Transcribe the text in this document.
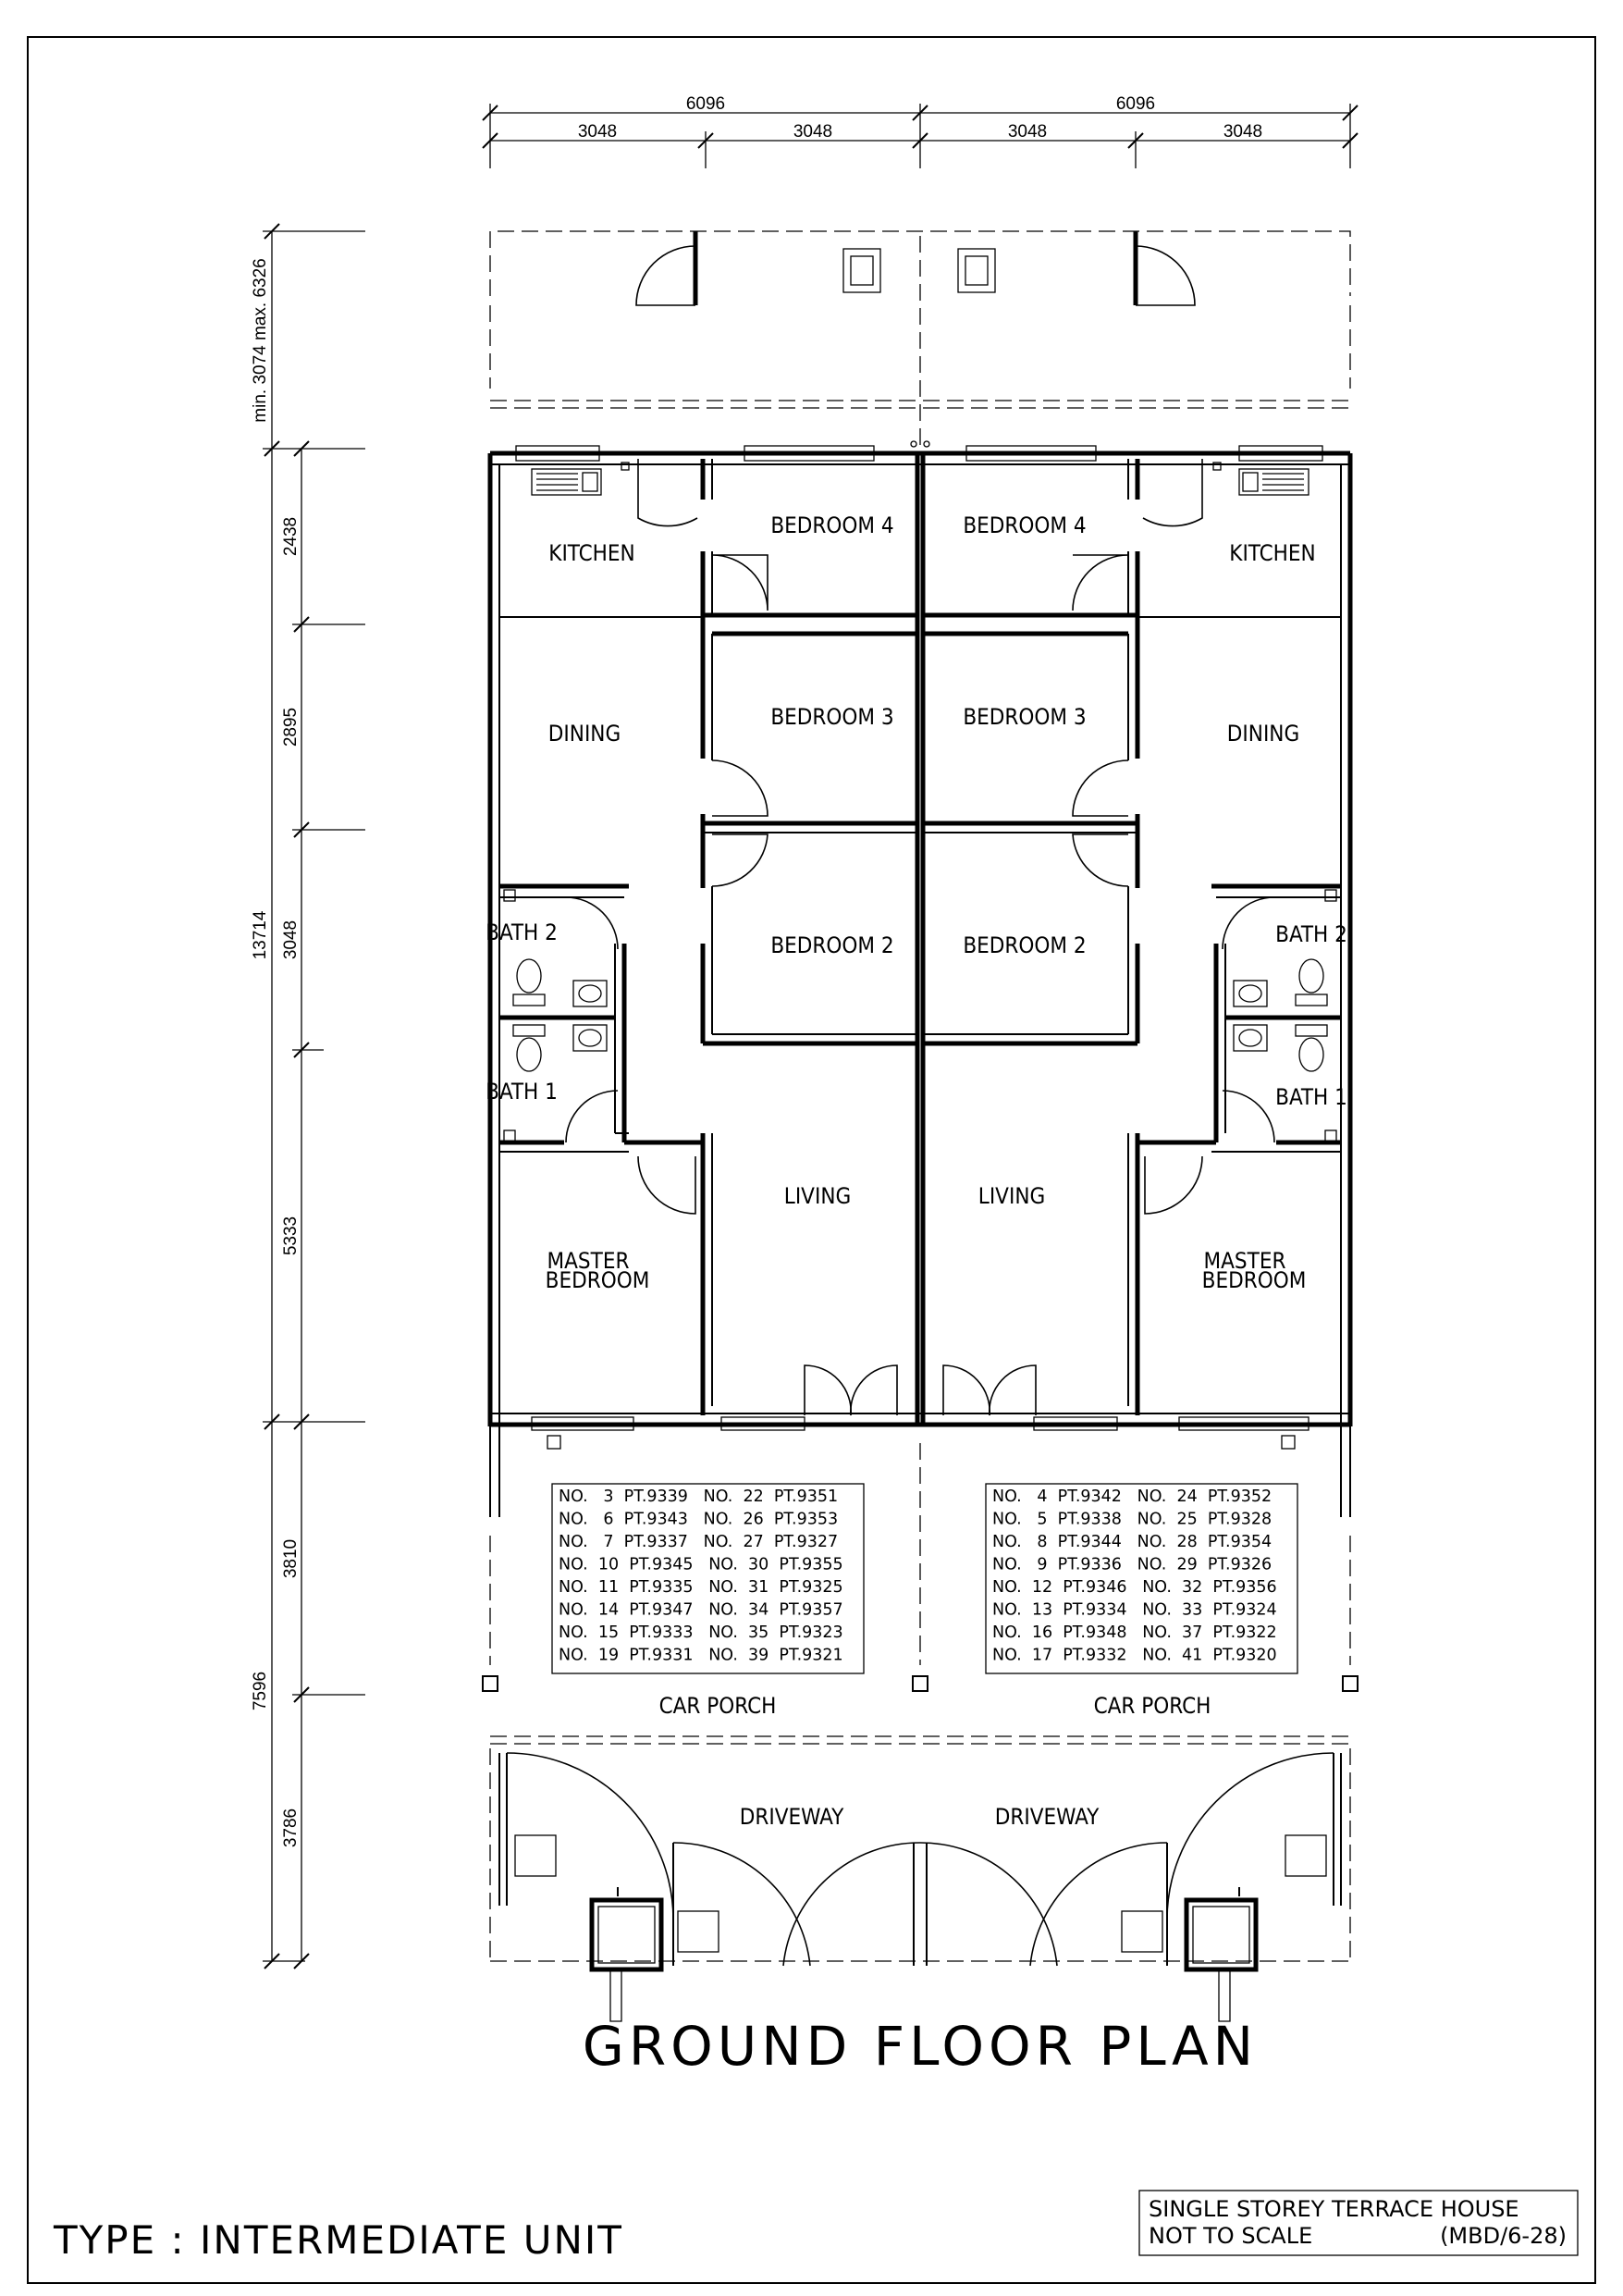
6096	6096
3048	3048	3048	3048
min. 3074 max. 6326
2438
2895
3048
5333
13714
3810
3786
7596
NO.   3  PT.9339   NO.  22  PT.9351
NO.   6  PT.9343   NO.  26  PT.9353
NO.   7  PT.9337   NO.  27  PT.9327
NO.  10  PT.9345   NO.  30  PT.9355
NO.  11  PT.9335   NO.  31  PT.9325
NO.  14  PT.9347   NO.  34  PT.9357
NO.  15  PT.9333   NO.  35  PT.9323
NO.  19  PT.9331   NO.  39  PT.9321
NO.   4  PT.9342   NO.  24  PT.9352
NO.   5  PT.9338   NO.  25  PT.9328
NO.   8  PT.9344   NO.  28  PT.9354
NO.   9  PT.9336   NO.  29  PT.9326
NO.  12  PT.9346   NO.  32  PT.9356
NO.  13  PT.9334   NO.  33  PT.9324
NO.  16  PT.9348   NO.  37  PT.9322
NO.  17  PT.9332   NO.  41  PT.9320
KITCHEN	KITCHEN
DINING	DINING
BEDROOM 4	BEDROOM 4
BEDROOM 3	BEDROOM 3
BEDROOM 2	BEDROOM 2
BATH 2	BATH 2
BATH 1	BATH 1
LIVING	LIVING
MASTER
BEDROOM
MASTER
BEDROOM
CAR PORCH	CAR PORCH
DRIVEWAY	DRIVEWAY
GROUND FLOOR PLAN
TYPE : INTERMEDIATE UNIT
SINGLE STOREY TERRACE HOUSE
NOT TO SCALE	(MBD/6-28)
